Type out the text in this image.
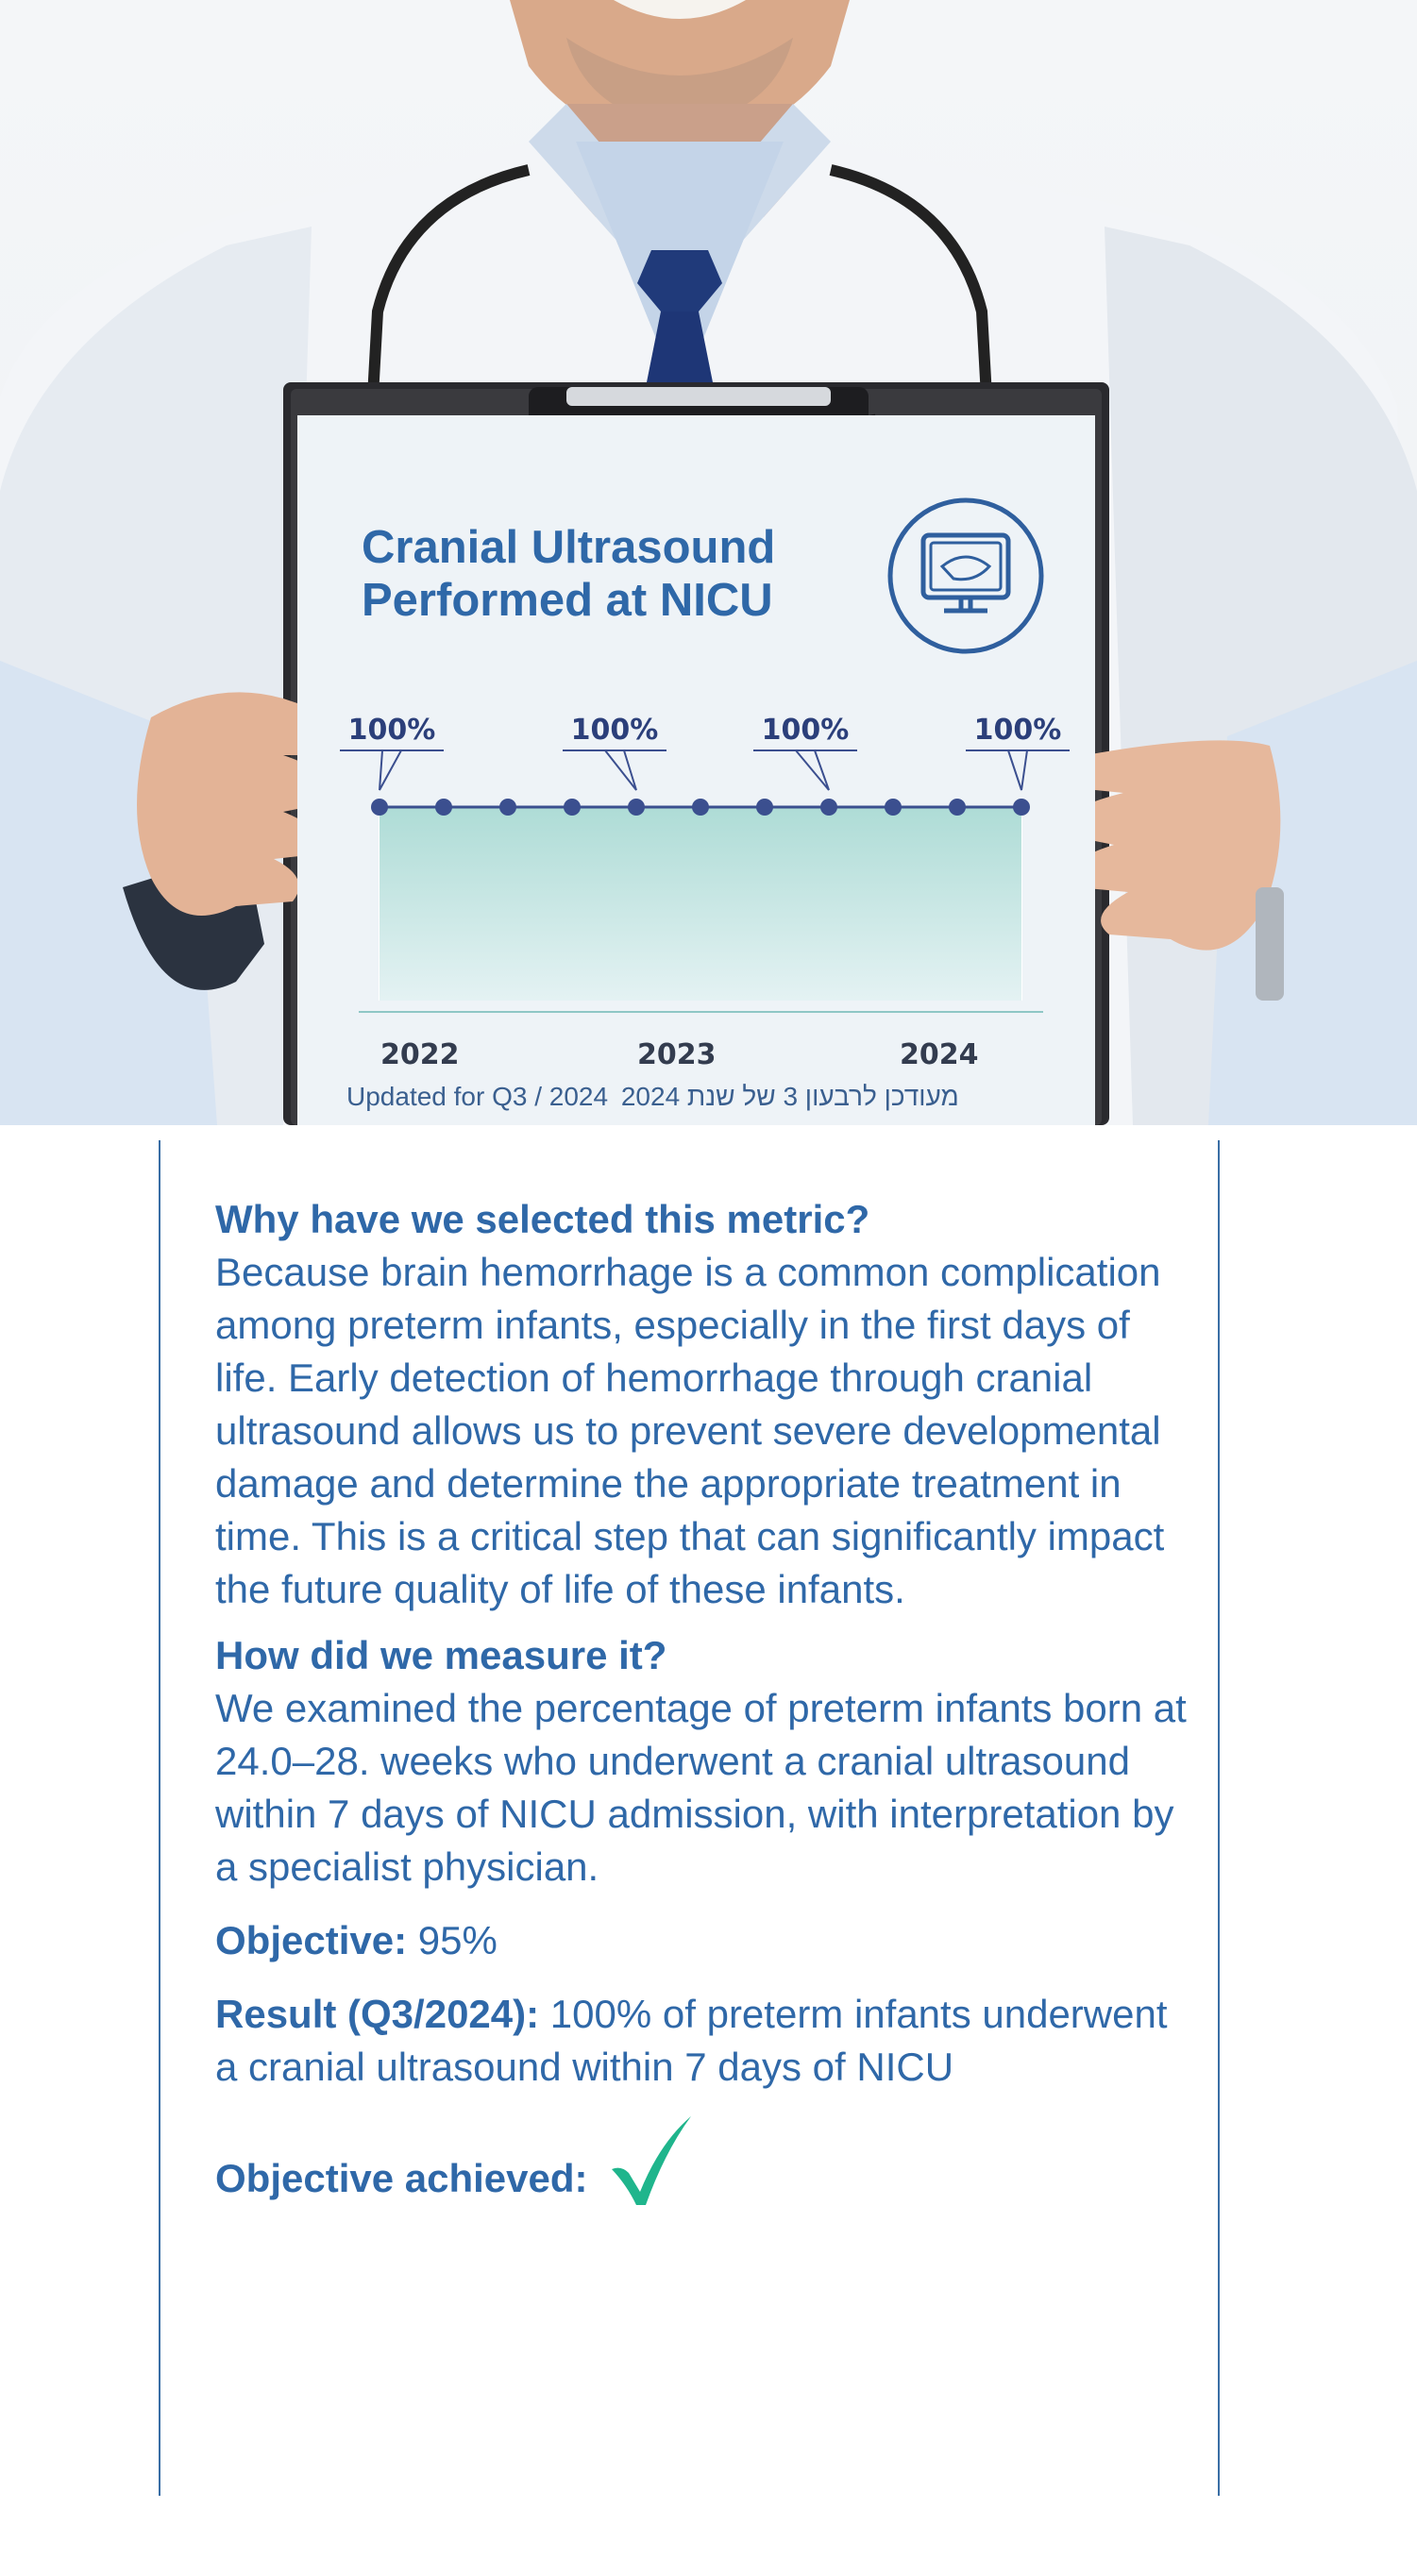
Cranial Ultrasound
Performed at NICU
100%	100%	100%	100%
2022	2023	2024
Updated for Q3 / 2024 מעודכן לרבעון 3 של שנת 2024
Why have we selected this metric?
Because brain hemorrhage is a common complication among preterm infants, especially in the first days of life. Early detection of hemorrhage through cranial ultrasound allows us to prevent severe developmental damage and determine the appropriate treatment in time. This is a critical step that can significantly impact the future quality of life of these infants.
How did we measure it?
We examined the percentage of preterm infants born at 24.0–28. weeks who underwent a cranial ultrasound within 7 days of NICU admission, with interpretation by a specialist physician.
Objective: 95%
Result (Q3/2024): 100% of preterm infants underwent a cranial ultrasound within 7 days of NICU
Objective achieved:
